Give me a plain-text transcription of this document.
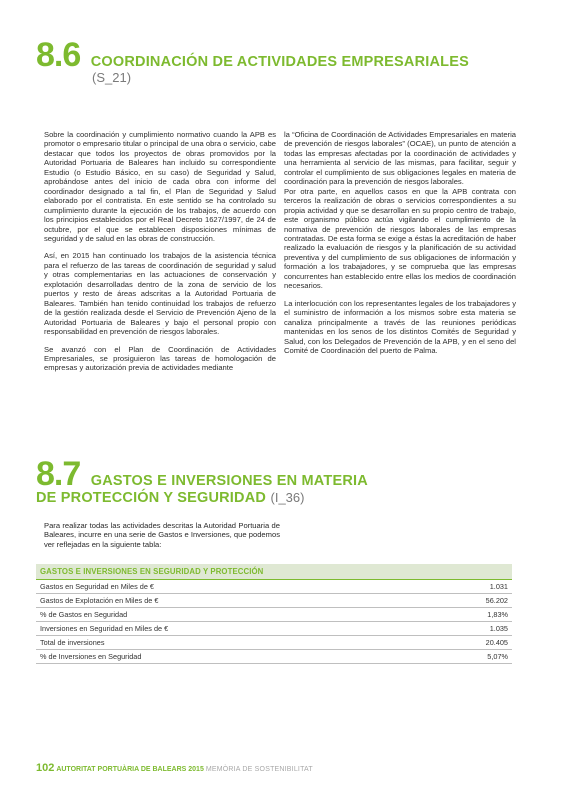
8.6 COORDINACIÓN DE ACTIVIDADES EMPRESARIALES
(S_21)

Sobre la coordinación y cumplimiento normativo cuando la APB es promotor o empresario titular o principal de una obra o servicio, cabe destacar que todos los proyectos de obras promovidos por la Autoridad Portuaria de Baleares han incluido su correspondiente Estudio (o Estudio Básico, en su caso) de Seguridad y Salud, aprobándose antes del inicio de cada obra con informe del coordinador designado a tal fin, el Plan de Seguridad y Salud elaborado por el contratista. En este sentido se ha controlado su cumplimiento durante la ejecución de los trabajos, de acuerdo con los principios establecidos por el Real Decreto 1627/1997, de 24 de octubre, por el que se establecen disposiciones mínimas de seguridad y de salud en las obras de construcción.

Así, en 2015 han continuado los trabajos de la asistencia técnica para el refuerzo de las tareas de coordinación de seguridad y salud y otras complementarias en las actuaciones de conservación y explotación desarrolladas dentro de la zona de servicio de los puertos y resto de áreas adscritas a la Autoridad Portuaria de Baleares. También han tenido continuidad los trabajos de refuerzo de la gestión realizada desde el Servicio de Prevención Ajeno de la Autoridad Portuaria de Baleares y bajo el personal propio con responsabilidad en prevención de riesgos laborales.

Se avanzó con el Plan de Coordinación de Actividades Empresariales, se prosiguieron las tareas de homologación de empresas y autorización previa de actividades mediante

la “Oficina de Coordinación de Actividades Empresariales en materia de prevención de riesgos laborales” (OCAE), un punto de atención a todas las empresas afectadas por la coordinación de actividades y una herramienta al servicio de las mismas, para facilitar, seguir y controlar el cumplimiento de sus obligaciones legales en materia de coordinación para la prevención de riesgos laborales.

Por otra parte, en aquellos casos en que la APB contrata con terceros la realización de obras o servicios correspondientes a su propia actividad y que se desarrollan en su propio centro de trabajo, este organismo público actúa vigilando el cumplimiento de la normativa de prevención de riesgos laborales de las empresas contratadas. De esta forma se exige a éstas la acreditación de haber realizado la evaluación de riesgos y la planificación de su actividad preventiva y del cumplimiento de sus obligaciones de información y formación a los trabajadores, y se comprueba que las empresas concurrentes han establecido entre ellas los medios de coordinación necesarios.

La interlocución con los representantes legales de los trabajadores y el suministro de información a los mismos sobre esta materia se canaliza principalmente a través de las reuniones periódicas mantenidas en los senos de los distintos Comités de Seguridad y Salud, con los Delegados de Prevención de la APB, y en el seno del Comité de Coordinación del puerto de Palma.

8.7 GASTOS E INVERSIONES EN MATERIA
DE PROTECCIÓN Y SEGURIDAD (I_36)
Para realizar todas las actividades descritas la Autoridad Portuaria de Baleares, incurre en una serie de Gastos e Inversiones, que podemos ver reflejadas en la siguiente tabla:
GASTOS E INVERSIONES EN SEGURIDAD Y PROTECCIÓN	
Gastos en Seguridad en Miles de €	1.031
Gastos de Explotación en Miles de €	56.202
% de Gastos en Seguridad	1,83%
Inversiones en Seguridad en Miles de €	1.035
Total de inversiones	20.405
% de Inversiones en Seguridad	5,07%
102 AUTORITAT PORTUÀRIA DE BALEARS 2015 MEMÒRIA DE SOSTENIBILITAT
